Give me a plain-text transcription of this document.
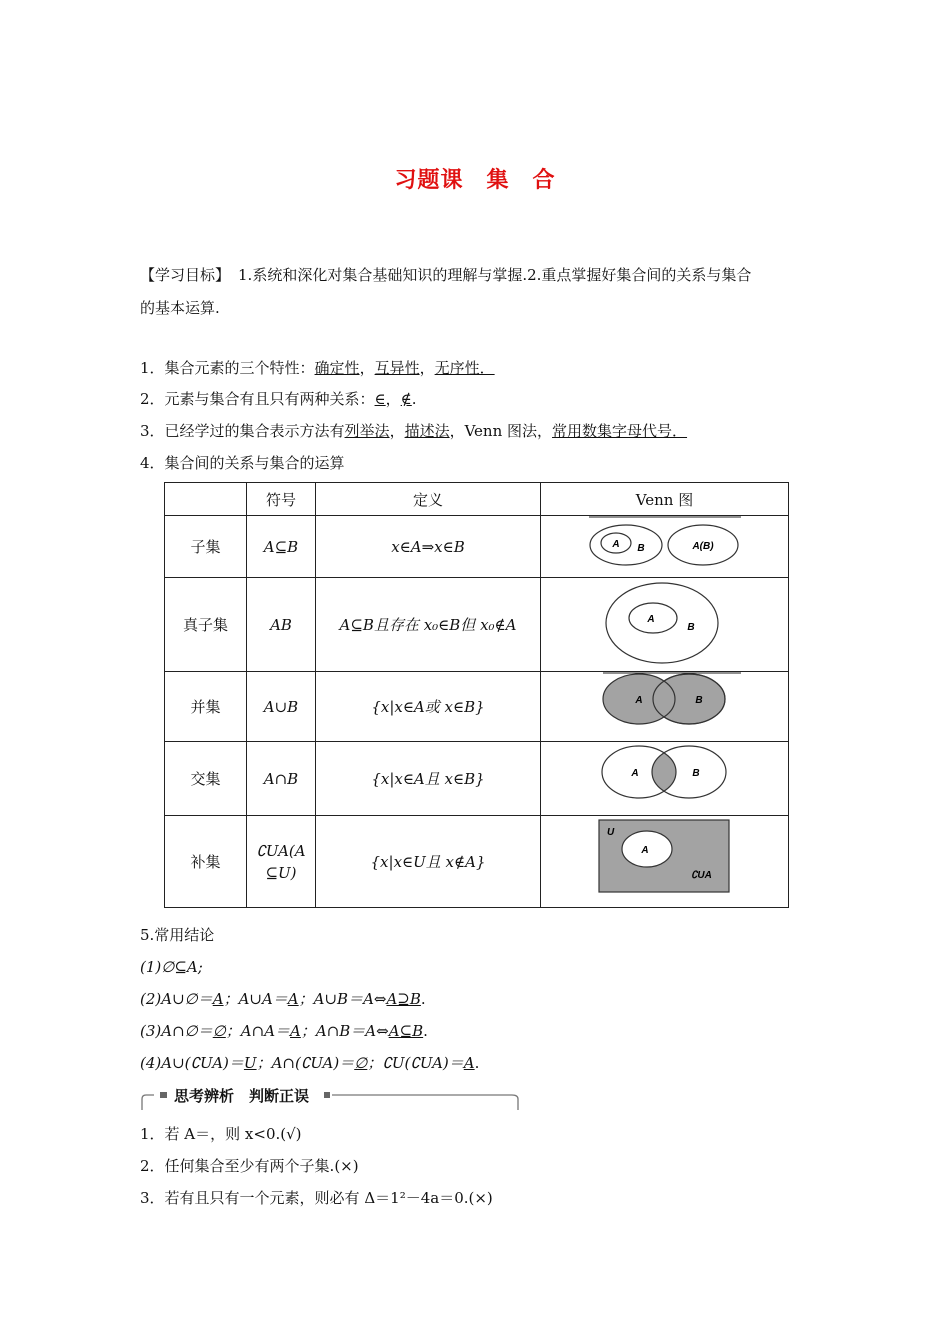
习题课　集　合
【学习目标】 1.系统和深化对集合基础知识的理解与掌握.2.重点掌握好集合间的关系与集合
的基本运算.
1．集合元素的三个特性：确定性，互异性，无序性．
2．元素与集合有且只有两种关系：∈，∉.
3．已经学过的集合表示方法有列举法，描述法，Venn 图法，常用数集字母代号．
4．集合间的关系与集合的运算
	符号	定义	Venn 图
子集	A⊆B	x∈A⇒x∈B	A B A(B)

真子集	AB	A⊆B且存在 x₀∈B但 x₀∉A	A
B

并集	A∪B	{x|x∈A或 x∈B}	A B

交集	A∩B	{x|x∈A且 x∈B}	A B

补集	∁UA(A
⊆U)	{x|x∈U且 x∉A}	U
A
∁UA
5.常用结论
(1)∅⊆A;
(2)A∪∅＝A；A∪A＝A；A∪B＝A⇔A⊇B.
(3)A∩∅＝∅；A∩A＝A；A∩B＝A⇔A⊆B.
(4)A∪(∁UA)＝U；A∩(∁UA)＝∅；∁U(∁UA)＝A.
思考辨析　判断正误
1．若 A＝，则 x<0.(√)
2．任何集合至少有两个子集.(×)
3．若有且只有一个元素，则必有 Δ＝1²－4a＝0.(×)
